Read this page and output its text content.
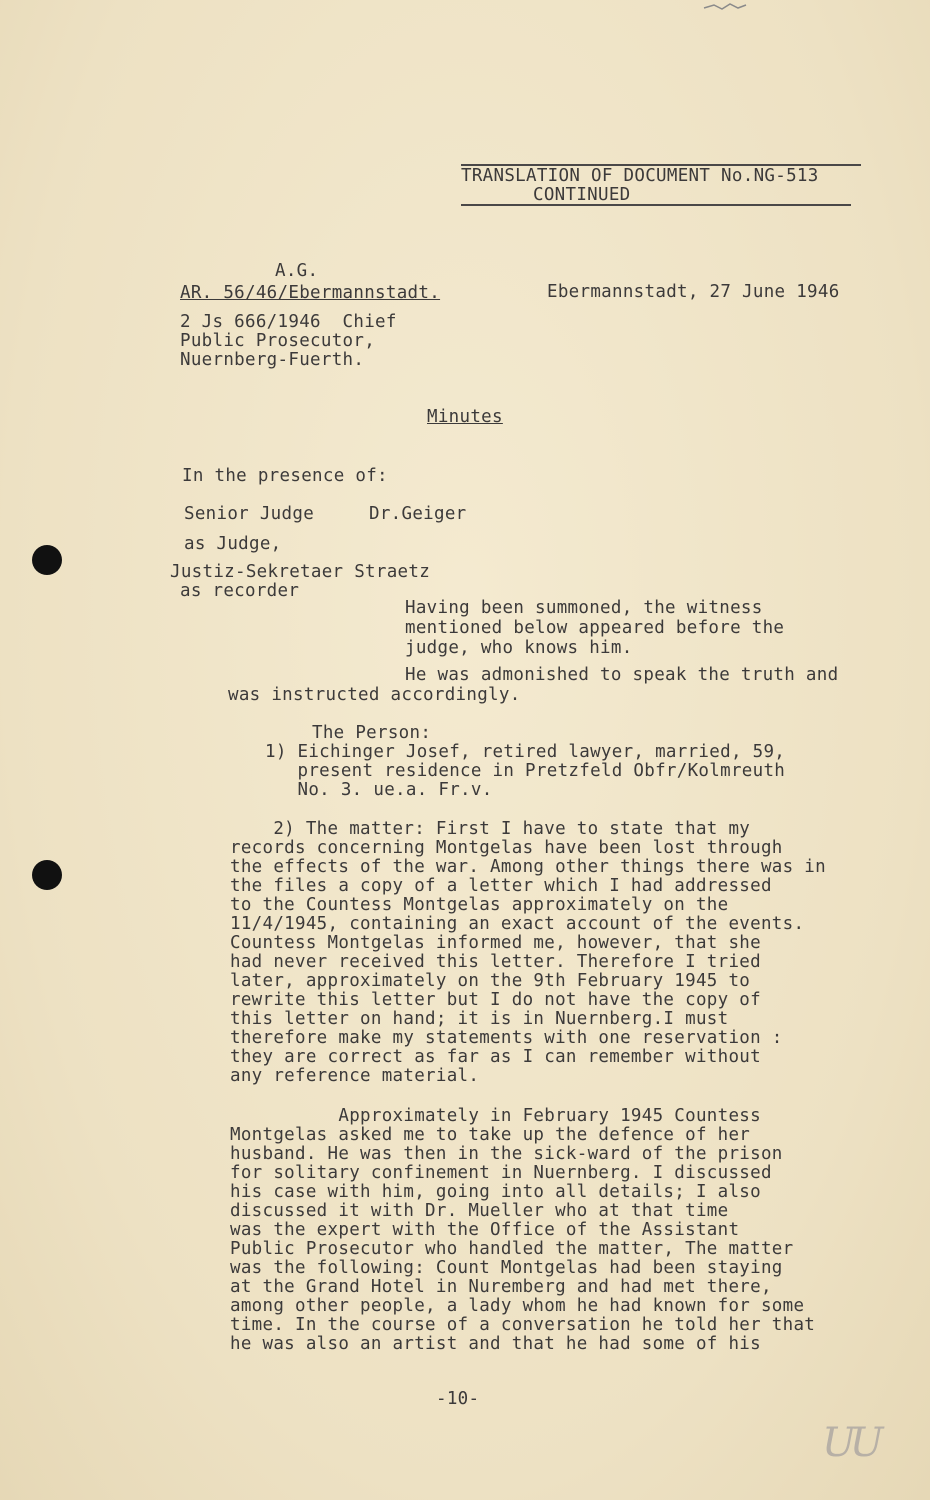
TRANSLATION OF DOCUMENT No.NG-513
CONTINUED
A.G.
AR. 56/46/Ebermannstadt.	Ebermannstadt, 27 June 1946
2 Js 666/1946  Chief
Public Prosecutor,
Nuernberg-Fuerth.
Minutes
In the presence of:
Senior Judge	Dr.Geiger
as Judge,
Justiz-Sekretaer Straetz
as recorder
Having been summoned, the witness
mentioned below appeared before the
judge, who knows him.
He was admonished to speak the truth and
was instructed accordingly.
The Person:
1) Eichinger Josef, retired lawyer, married, 59,
present residence in Pretzfeld Obfr/Kolmreuth
No. 3. ue.a. Fr.v.
2) The matter: First I have to state that my
records concerning Montgelas have been lost through
the effects of the war. Among other things there was in
the files a copy of a letter which I had addressed
to the Countess Montgelas approximately on the
11/4/1945, containing an exact account of the events.
Countess Montgelas informed me, however, that she
had never received this letter. Therefore I tried
later, approximately on the 9th February 1945 to
rewrite this letter but I do not have the copy of
this letter on hand; it is in Nuernberg.I must
therefore make my statements with one reservation :
they are correct as far as I can remember without
any reference material.
Approximately in February 1945 Countess
Montgelas asked me to take up the defence of her
husband. He was then in the sick-ward of the prison
for solitary confinement in Nuernberg. I discussed
his case with him, going into all details; I also
discussed it with Dr. Mueller who at that time
was the expert with the Office of the Assistant
Public Prosecutor who handled the matter, The matter
was the following: Count Montgelas had been staying
at the Grand Hotel in Nuremberg and had met there,
among other people, a lady whom he had known for some
time. In the course of a conversation he told her that
he was also an artist and that he had some of his
-10-
UU
